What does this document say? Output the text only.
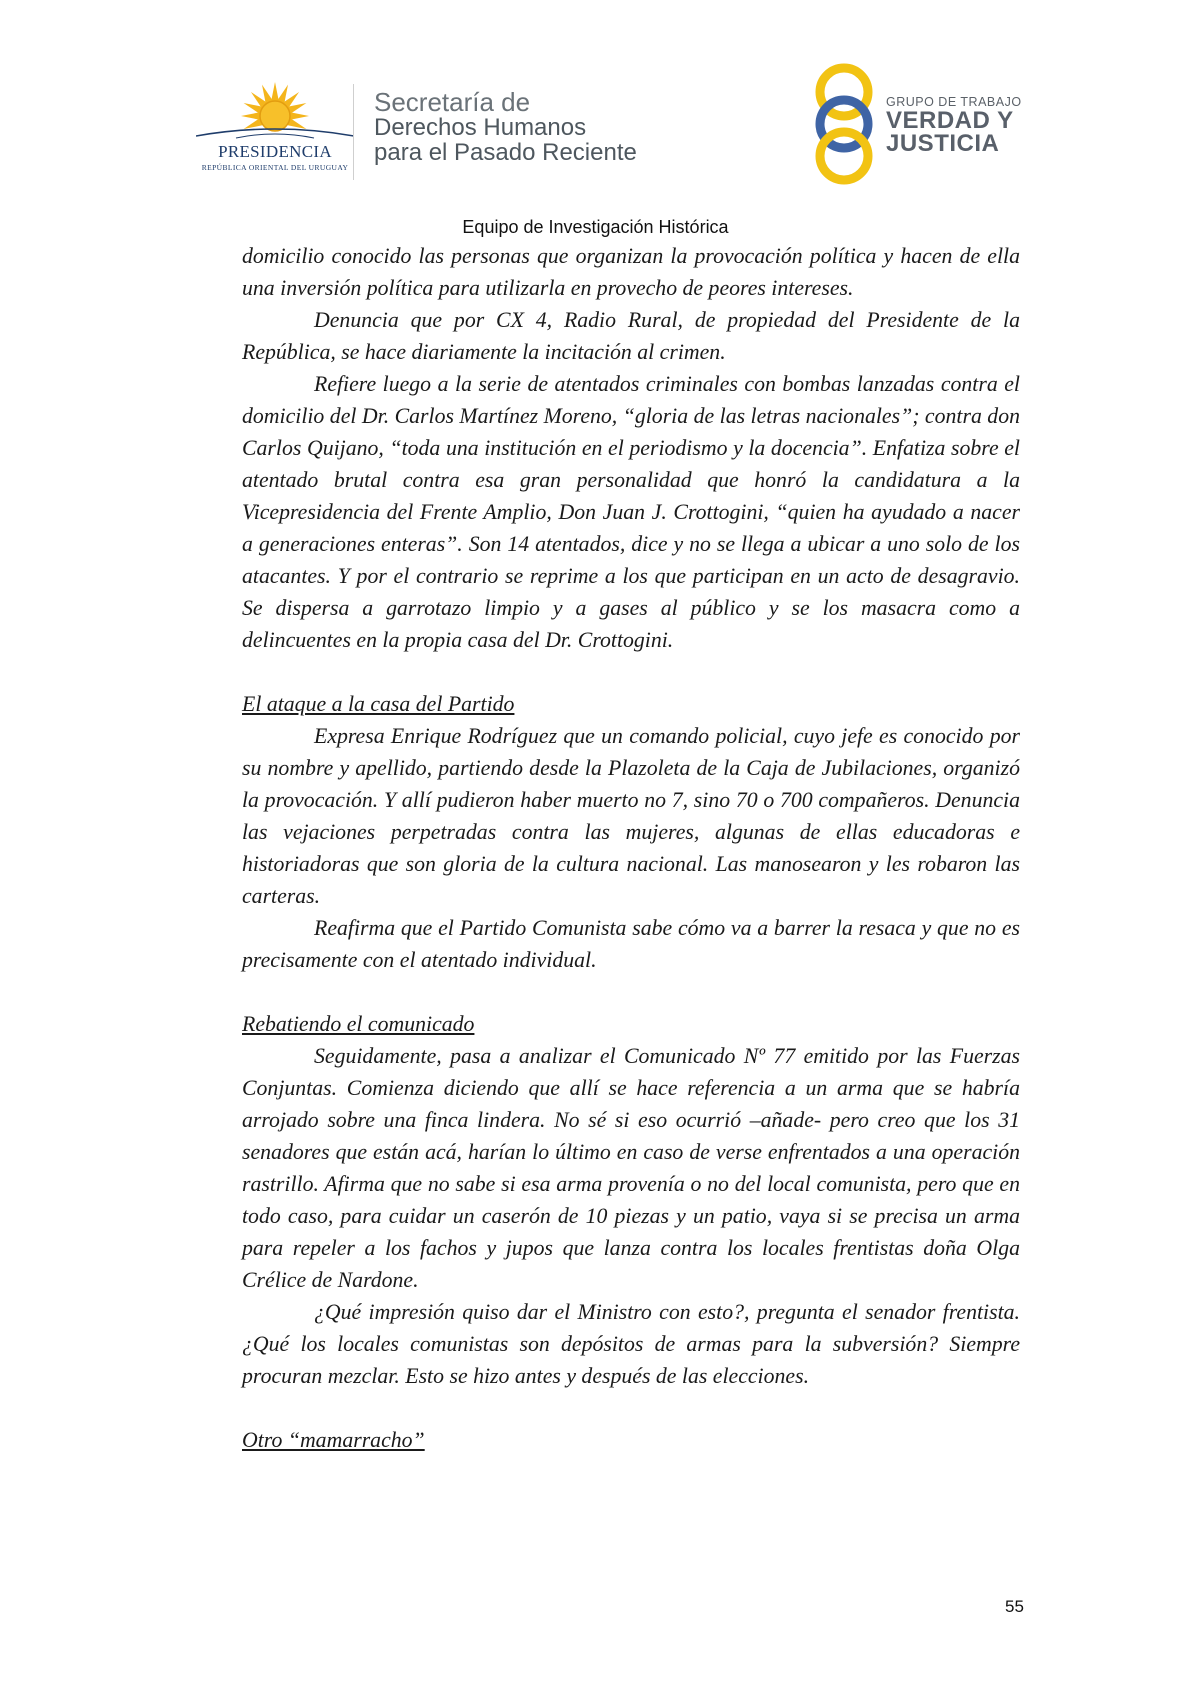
PRESIDENCIA
REPÚBLICA ORIENTAL DEL URUGUAY
Secretaría de
Derechos Humanos
para el Pasado Reciente
GRUPO DE TRABAJO
VERDAD Y
JUSTICIA
Equipo de Investigación Histórica

domicilio conocido las personas que organizan la provocación política y hacen de ella una inversión política para utilizarla en provecho de peores intereses.

Denuncia que por CX 4, Radio Rural, de propiedad del Presidente de la República, se hace diariamente la incitación al crimen.

Refiere luego a la serie de atentados criminales con bombas lanzadas contra el domicilio del Dr. Carlos Martínez Moreno, “gloria de las letras nacionales”; contra don Carlos Quijano, “toda una institución en el periodismo y la docencia”. Enfatiza sobre el atentado brutal contra esa gran personalidad que honró la candidatura a la Vicepresidencia del Frente Amplio, Don Juan J. Crottogini, “quien ha ayudado a nacer a generaciones enteras”. Son 14 atentados, dice y no se llega a ubicar a uno solo de los atacantes. Y por el contrario se reprime a los que participan en un acto de desagravio. Se dispersa a garrotazo limpio y a gases al público y se los masacra como a delincuentes en la propia casa del Dr. Crottogini.

El ataque a la casa del Partido

Expresa Enrique Rodríguez que un comando policial, cuyo jefe es conocido por su nombre y apellido, partiendo desde la Plazoleta de la Caja de Jubilaciones, organizó la provocación. Y allí pudieron haber muerto no 7, sino 70 o 700 compañeros. Denuncia las vejaciones perpetradas contra las mujeres, algunas de ellas educadoras e historiadoras que son gloria de la cultura nacional. Las manosearon y les robaron las carteras.

Reafirma que el Partido Comunista sabe cómo va a barrer la resaca y que no es precisamente con el atentado individual.

Rebatiendo el comunicado

Seguidamente, pasa a analizar el Comunicado Nº 77 emitido por las Fuerzas Conjuntas. Comienza diciendo que allí se hace referencia a un arma que se habría arrojado sobre una finca lindera. No sé si eso ocurrió –añade- pero creo que los 31 senadores que están acá, harían lo último en caso de verse enfrentados a una operación rastrillo. Afirma que no sabe si esa arma provenía o no del local comunista, pero que en todo caso, para cuidar un caserón de 10 piezas y un patio, vaya si se precisa un arma para repeler a los fachos y jupos que lanza contra los locales frentistas doña Olga Crélice de Nardone.

¿Qué impresión quiso dar el Ministro con esto?, pregunta el senador frentista. ¿Qué los locales comunistas son depósitos de armas para la subversión? Siempre procuran mezclar. Esto se hizo antes y después de las elecciones.

Otro “mamarracho”

55
